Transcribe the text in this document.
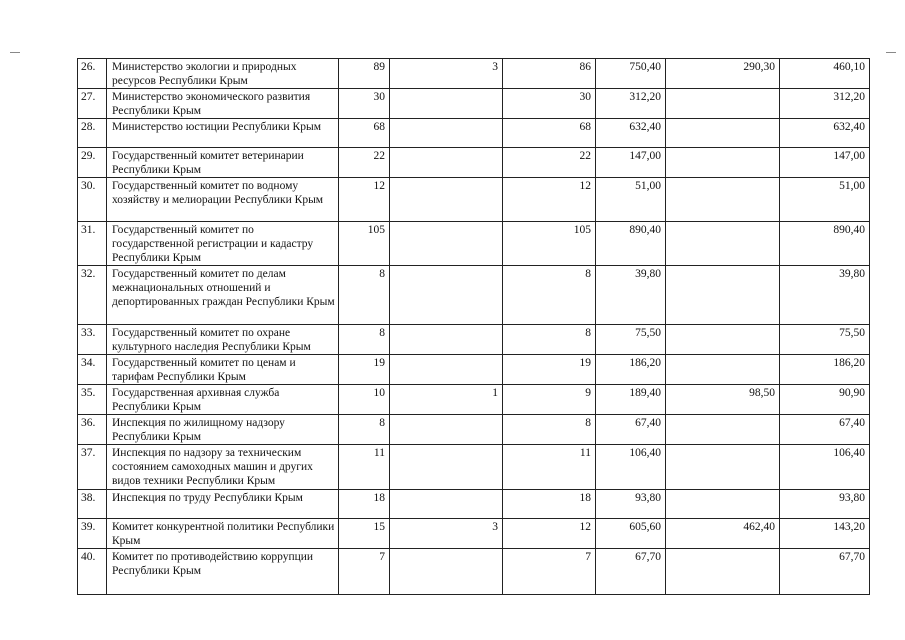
26.	Министерство экологии и природных ресурсов Республики Крым	89	3	86	750,40	290,30	460,10
27.	Министерство экономического развития Республики Крым	30		30	312,20		312,20
28.	Министерство юстиции Республики Крым	68		68	632,40		632,40
29.	Государственный комитет ветеринарии Республики Крым	22		22	147,00		147,00
30.	Государственный комитет по водному хозяйству и мелиорации Республики Крым	12		12	51,00		51,00
31.	Государственный комитет по государственной регистрации и кадастру Республики Крым	105		105	890,40		890,40
32.	Государственный комитет по делам межнациональных отношений и депортированных граждан Республики Крым	8		8	39,80		39,80
33.	Государственный комитет по охране культурного наследия Республики Крым	8		8	75,50		75,50
34.	Государственный комитет по ценам и тарифам Республики Крым	19		19	186,20		186,20
35.	Государственная архивная служба Республики Крым	10	1	9	189,40	98,50	90,90
36.	Инспекция по жилищному надзору Республики Крым	8		8	67,40		67,40
37.	Инспекция по надзору за техническим состоянием самоходных машин и других видов техники Республики Крым	11		11	106,40		106,40
38.	Инспекция по труду Республики Крым	18		18	93,80		93,80
39.	Комитет конкурентной политики Республики Крым	15	3	12	605,60	462,40	143,20
40.	Комитет по противодействию коррупции Республики Крым	7		7	67,70		67,70
